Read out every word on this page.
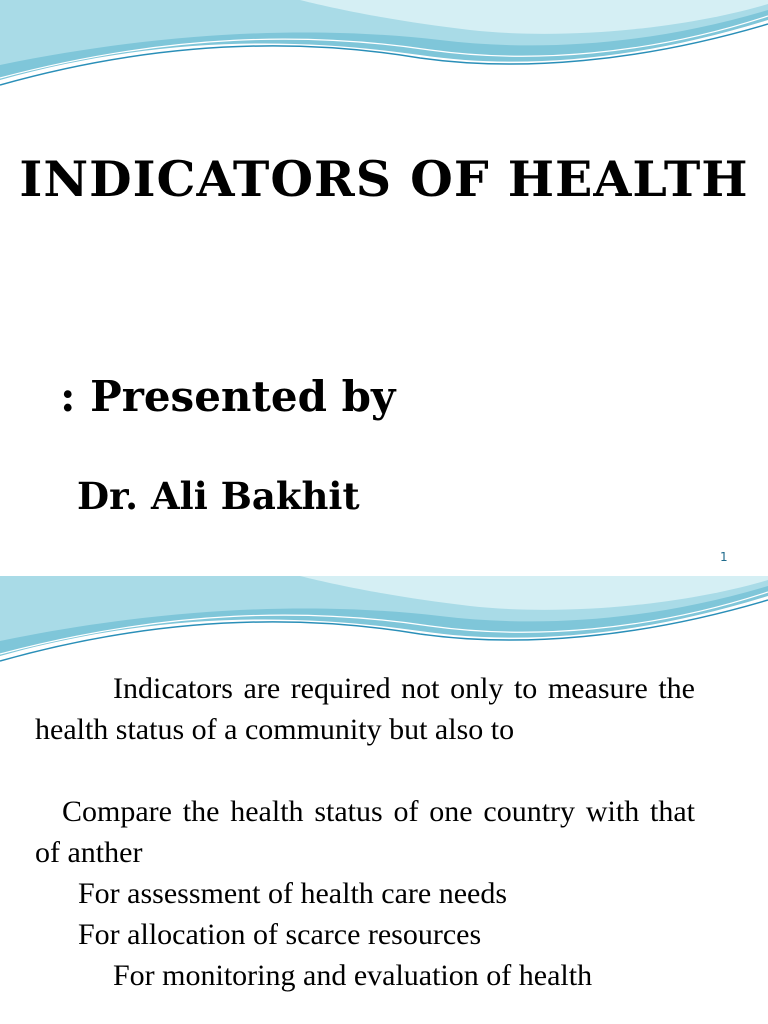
INDICATORS OF HEALTH
: Presented by
Dr. Ali Bakhit
1

Indicators are required not only to measure the health status of a community but also to

Compare the health status of one country with that of anther

For assessment of health care needs

For allocation of scarce resources

For monitoring and evaluation of health
